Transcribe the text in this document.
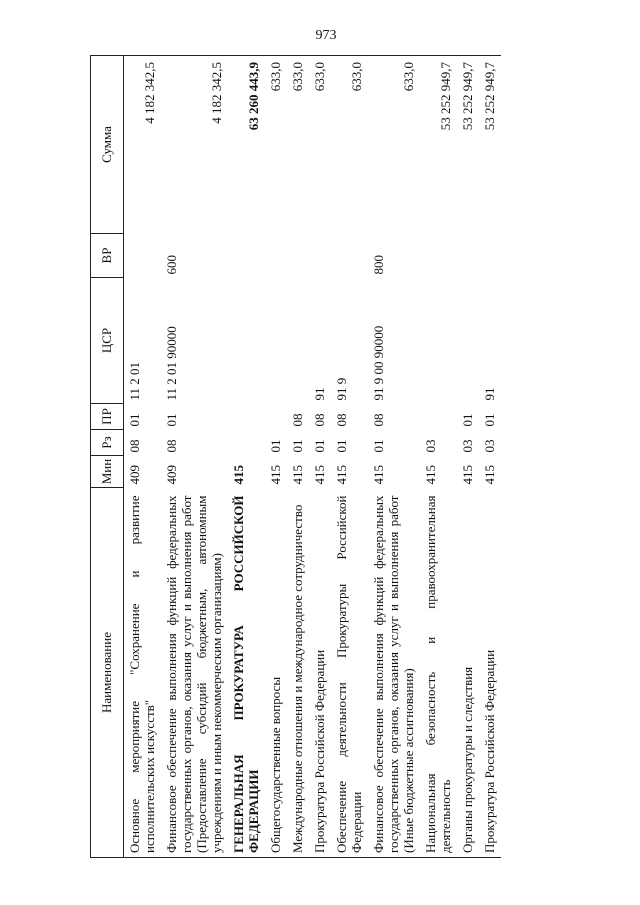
973
Наименование	Мин	Рз	ПР	ЦСР	ВР	Сумма
Основное мероприятие "Сохранение и развитие исполнительских искусств"	409	08	01	11 2 01		4 182 342,5
Финансовое обеспечение выполнения функций федеральных государственных органов, оказания услуг и выполнения работ (Предоставление субсидий бюджетным, автономным учреждениям и иным некоммерческим организациям)	409	08	01	11 2 01 90000	600	4 182 342,5
ГЕНЕРАЛЬНАЯ ПРОКУРАТУРА РОССИЙСКОЙ ФЕДЕРАЦИИ	415					63 260 443,9
Общегосударственные вопросы	415	01				633,0
Международные отношения и международное сотрудничество	415	01	08			633,0
Прокуратура Российской Федерации	415	01	08	91		633,0
Обеспечение деятельности Прокуратуры Российской Федерации	415	01	08	91 9		633,0
Финансовое обеспечение выполнения функций федеральных государственных органов, оказания услуг и выполнения работ (Иные бюджетные ассигнования)	415	01	08	91 9 00 90000	800	633,0
Национальная безопасность и правоохранительная деятельность	415	03				53 252 949,7
Органы прокуратуры и следствия	415	03	01			53 252 949,7
Прокуратура Российской Федерации	415	03	01	91		53 252 949,7
